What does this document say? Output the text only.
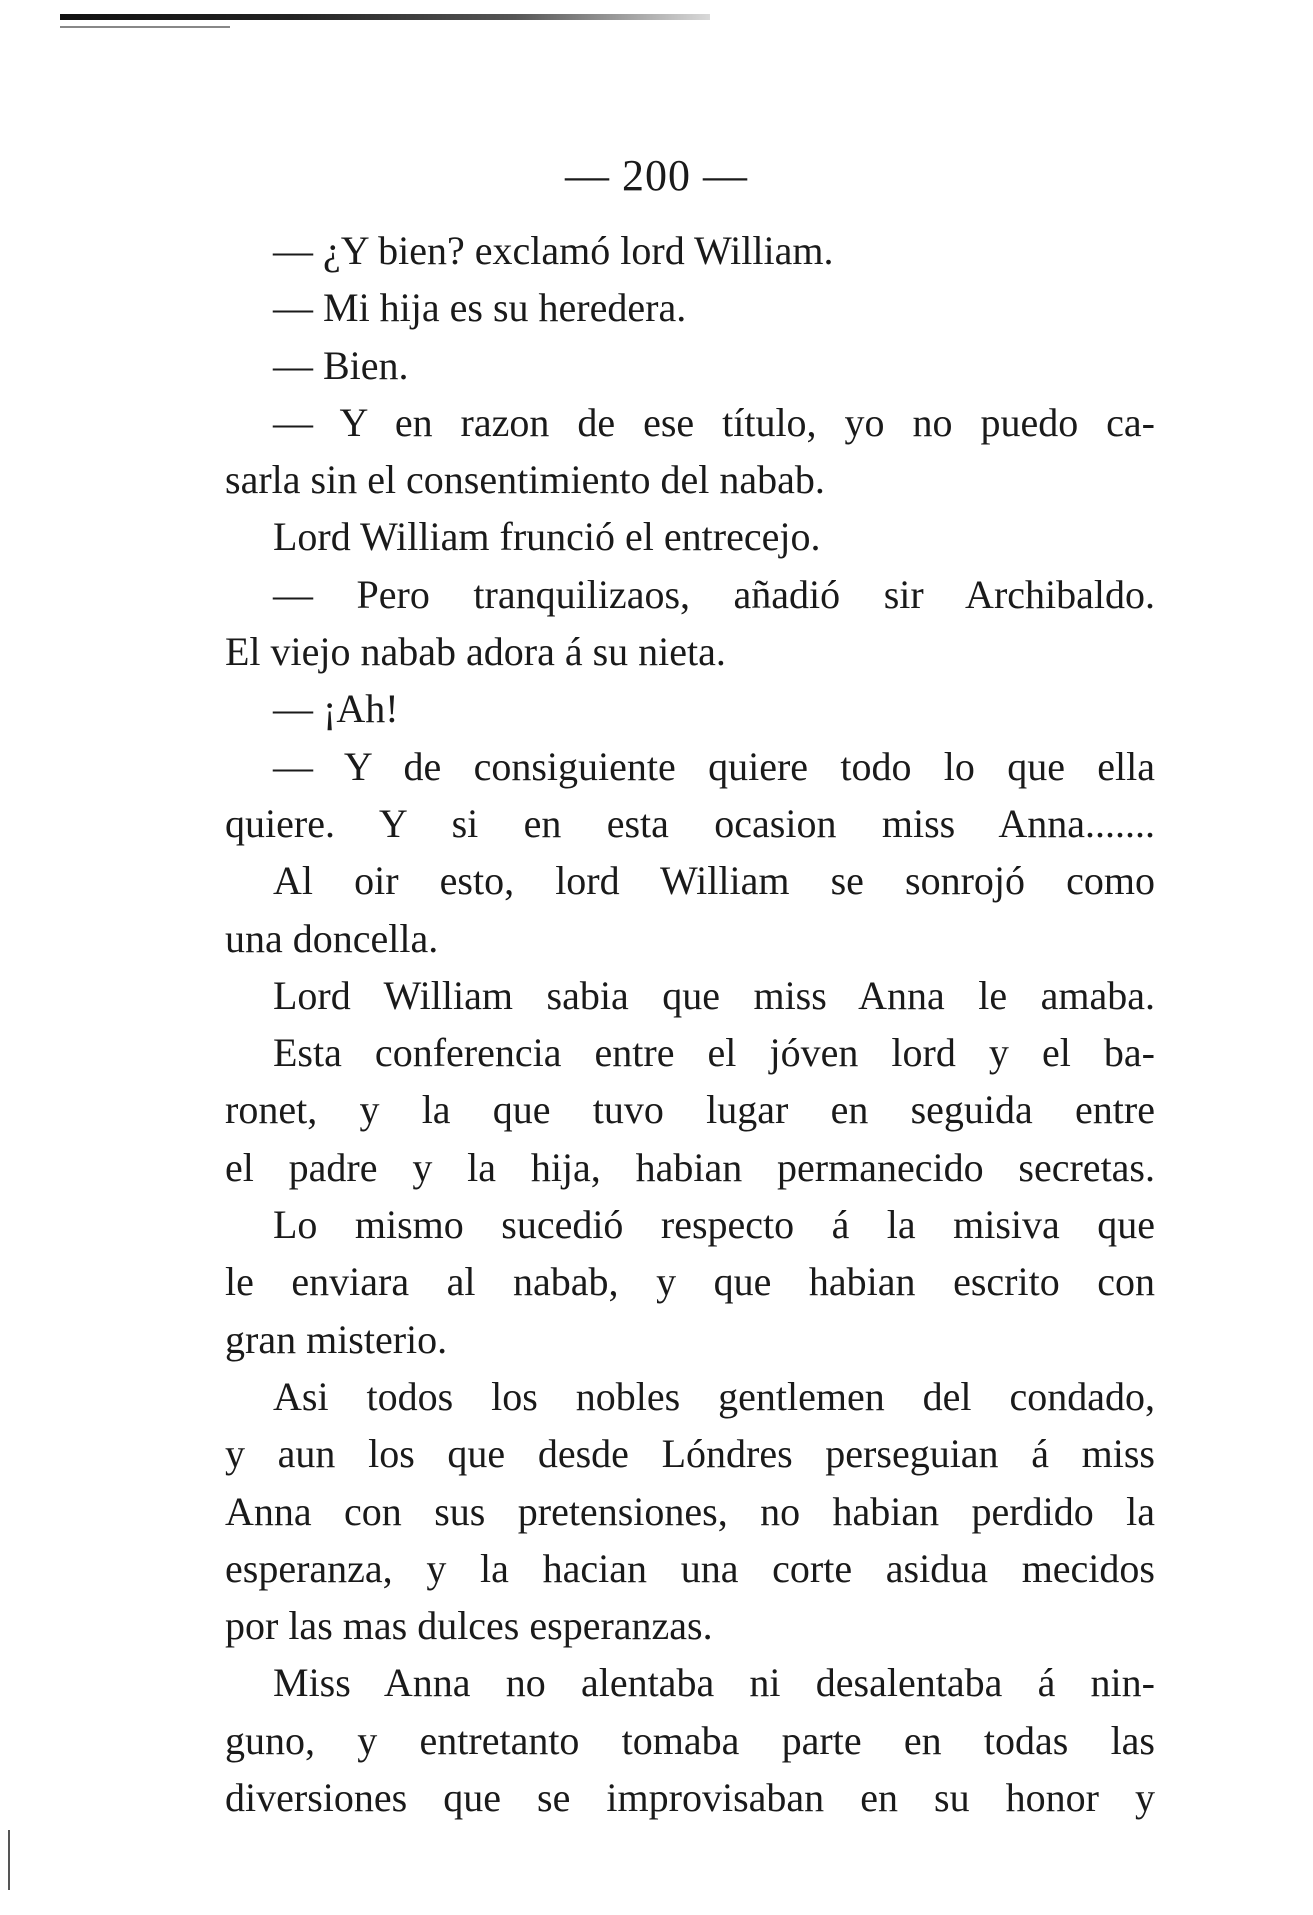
— 200 —
— ¿Y bien? exclamó lord William.
— Mi hija es su heredera.
— Bien.
— Y en razon de ese título, yo no puedo ca-
sarla sin el consentimiento del nabab.
Lord William frunció el entrecejo.
— Pero tranquilizaos, añadió sir Archibaldo.
El viejo nabab adora á su nieta.
— ¡Ah!
— Y de consiguiente quiere todo lo que ella
quiere. Y si en esta ocasion miss Anna.......
Al oir esto, lord William se sonrojó como
una doncella.
Lord William sabia que miss Anna le amaba.
Esta conferencia entre el jóven lord y el ba-
ronet, y la que tuvo lugar en seguida entre
el padre y la hija, habian permanecido secretas.
Lo mismo sucedió respecto á la misiva que
le enviara al nabab, y que habian escrito con
gran misterio.
Asi todos los nobles gentlemen del condado,
y aun los que desde Lóndres perseguian á miss
Anna con sus pretensiones, no habian perdido la
esperanza, y la hacian una corte asidua mecidos
por las mas dulces esperanzas.
Miss Anna no alentaba ni desalentaba á nin-
guno, y entretanto tomaba parte en todas las
diversiones que se improvisaban en su honor y
